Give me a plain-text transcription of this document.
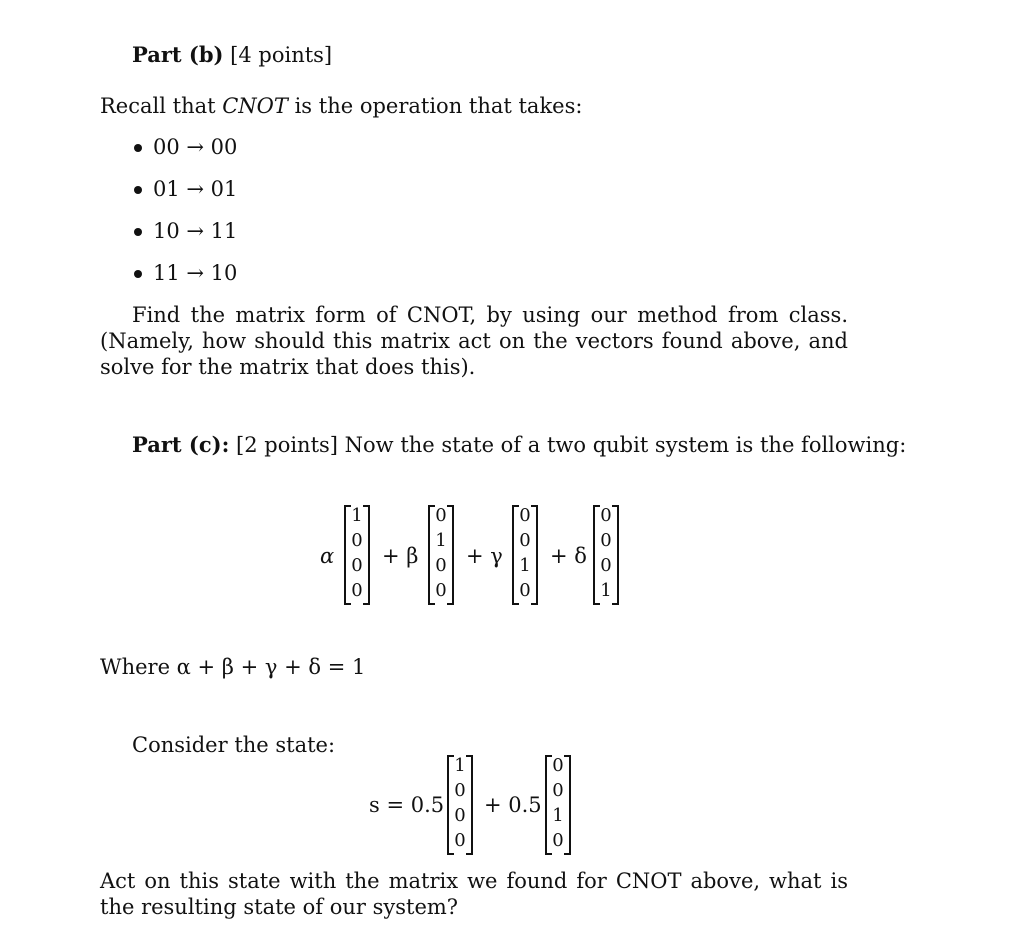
Part (b) [4 points]
Recall that CNOT is the operation that takes:
00 → 00
01 → 01
10 → 11
11 → 10
Find the matrix form of CNOT, by using our method from class. (Namely, how should this matrix act on the vectors found above, and solve for the matrix that does this).
Part (c): [2 points] Now the state of a two qubit system is the following:
α
1
0
0
0
+ β
0
1
0
0
+ γ
0
0
1
0
+ δ
0
0
0
1
Where α + β + γ + δ = 1
Consider the state:
s = 0.5
1
0
0
0
+ 0.5
0
0
1
0
Act on this state with the matrix we found for CNOT above, what is the resulting state of our system?
